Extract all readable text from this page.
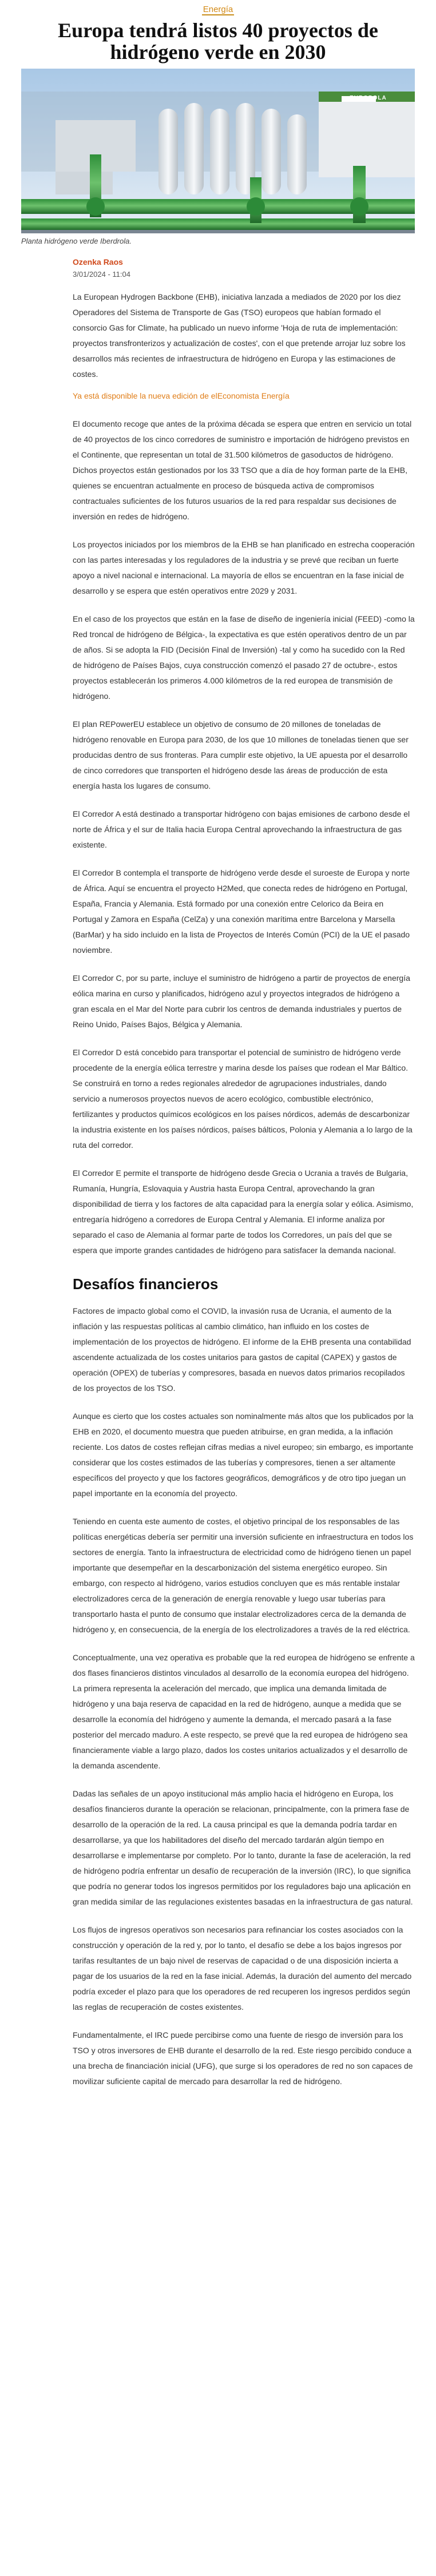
Energía
Europa tendrá listos 40 proyectos de hidrógeno verde en 2030
EUROPOLA
Planta hidrógeno verde Iberdrola.
Ozenka Raos
3/01/2024 - 11:04

La European Hydrogen Backbone (EHB), iniciativa lanzada a mediados de 2020 por los diez Operadores del Sistema de Transporte de Gas (TSO) europeos que habían formado el consorcio Gas for Climate, ha publicado un nuevo informe 'Hoja de ruta de implementación: proyectos transfronterizos y actualización de costes', con el que pretende arrojar luz sobre los desarrollos más recientes de infraestructura de hidrógeno en Europa y las estimaciones de costes.

Ya está disponible la nueva edición de elEconomista Energía

El documento recoge que antes de la próxima década se espera que entren en servicio un total de 40 proyectos de los cinco corredores de suministro e importación de hidrógeno previstos en el Continente, que representan un total de 31.500 kilómetros de gasoductos de hidrógeno. Dichos proyectos están gestionados por los 33 TSO que a día de hoy forman parte de la EHB, quienes se encuentran actualmente en proceso de búsqueda activa de compromisos contractuales suficientes de los futuros usuarios de la red para respaldar sus decisiones de inversión en redes de hidrógeno.

Los proyectos iniciados por los miembros de la EHB se han planificado en estrecha cooperación con las partes interesadas y los reguladores de la industria y se prevé que reciban un fuerte apoyo a nivel nacional e internacional. La mayoría de ellos se encuentran en la fase inicial de desarrollo y se espera que estén operativos entre 2029 y 2031.

En el caso de los proyectos que están en la fase de diseño de ingeniería inicial (FEED) -como la Red troncal de hidrógeno de Bélgica-, la expectativa es que estén operativos dentro de un par de años. Si se adopta la FID (Decisión Final de Inversión) -tal y como ha sucedido con la Red de hidrógeno de Países Bajos, cuya construcción comenzó el pasado 27 de octubre-, estos proyectos establecerán los primeros 4.000 kilómetros de la red europea de transmisión de hidrógeno.

El plan REPowerEU establece un objetivo de consumo de 20 millones de toneladas de hidrógeno renovable en Europa para 2030, de los que 10 millones de toneladas tienen que ser producidas dentro de sus fronteras. Para cumplir este objetivo, la UE apuesta por el desarrollo de cinco corredores que transporten el hidrógeno desde las áreas de producción de esta energía hasta los lugares de consumo.

El Corredor A está destinado a transportar hidrógeno con bajas emisiones de carbono desde el norte de África y el sur de Italia hacia Europa Central aprovechando la infraestructura de gas existente.

El Corredor B contempla el transporte de hidrógeno verde desde el suroeste de Europa y norte de África. Aquí se encuentra el proyecto H2Med, que conecta redes de hidrógeno en Portugal, España, Francia y Alemania. Está formado por una conexión entre Celorico da Beira en Portugal y Zamora en España (CelZa) y una conexión marítima entre Barcelona y Marsella (BarMar) y ha sido incluido en la lista de Proyectos de Interés Común (PCI) de la UE el pasado noviembre.

El Corredor C, por su parte, incluye el suministro de hidrógeno a partir de proyectos de energía eólica marina en curso y planificados, hidrógeno azul y proyectos integrados de hidrógeno a gran escala en el Mar del Norte para cubrir los centros de demanda industriales y puertos de Reino Unido, Países Bajos, Bélgica y Alemania.

El Corredor D está concebido para transportar el potencial de suministro de hidrógeno verde procedente de la energía eólica terrestre y marina desde los países que rodean el Mar Báltico. Se construirá en torno a redes regionales alrededor de agrupaciones industriales, dando servicio a numerosos proyectos nuevos de acero ecológico, combustible electrónico, fertilizantes y productos químicos ecológicos en los países nórdicos, además de descarbonizar la industria existente en los países nórdicos, países bálticos, Polonia y Alemania a lo largo de la ruta del corredor.

El Corredor E permite el transporte de hidrógeno desde Grecia o Ucrania a través de Bulgaria, Rumanía, Hungría, Eslovaquia y Austria hasta Europa Central, aprovechando la gran disponibilidad de tierra y los factores de alta capacidad para la energía solar y eólica. Asimismo, entregaría hidrógeno a corredores de Europa Central y Alemania. El informe analiza por separado el caso de Alemania al formar parte de todos los Corredores, un país del que se espera que importe grandes cantidades de hidrógeno para satisfacer la demanda nacional.

Desafíos financieros

Factores de impacto global como el COVID, la invasión rusa de Ucrania, el aumento de la inflación y las respuestas políticas al cambio climático, han influido en los costes de implementación de los proyectos de hidrógeno. El informe de la EHB presenta una contabilidad ascendente actualizada de los costes unitarios para gastos de capital (CAPEX) y gastos de operación (OPEX) de tuberías y compresores, basada en nuevos datos primarios recopilados de los proyectos de los TSO.

Aunque es cierto que los costes actuales son nominalmente más altos que los publicados por la EHB en 2020, el documento muestra que pueden atribuirse, en gran medida, a la inflación reciente. Los datos de costes reflejan cifras medias a nivel europeo; sin embargo, es importante considerar que los costes estimados de las tuberías y compresores, tienen a ser altamente específicos del proyecto y que los factores geográficos, demográficos y de otro tipo juegan un papel importante en la economía del proyecto.

Teniendo en cuenta este aumento de costes, el objetivo principal de los responsables de las políticas energéticas debería ser permitir una inversión suficiente en infraestructura en todos los sectores de energía. Tanto la infraestructura de electricidad como de hidrógeno tienen un papel importante que desempeñar en la descarbonización del sistema energético europeo. Sin embargo, con respecto al hidrógeno, varios estudios concluyen que es más rentable instalar electrolizadores cerca de la generación de energía renovable y luego usar tuberías para transportarlo hasta el punto de consumo que instalar electrolizadores cerca de la demanda de hidrógeno y, en consecuencia, de la energía de los electrolizadores a través de la red eléctrica.

Conceptualmente, una vez operativa es probable que la red europea de hidrógeno se enfrente a dos flases financieros distintos vinculados al desarrollo de la economía europea del hidrógeno. La primera representa la aceleración del mercado, que implica una demanda limitada de hidrógeno y una baja reserva de capacidad en la red de hidrógeno, aunque a medida que se desarrolle la economía del hidrógeno y aumente la demanda, el mercado pasará a la fase posterior del mercado maduro. A este respecto, se prevé que la red europea de hidrógeno sea financieramente viable a largo plazo, dados los costes unitarios actualizados y el desarrollo de la demanda ascendente.

Dadas las señales de un apoyo institucional más amplio hacia el hidrógeno en Europa, los desafíos financieros durante la operación se relacionan, principalmente, con la primera fase de desarrollo de la operación de la red. La causa principal es que la demanda podría tardar en desarrollarse, ya que los habilitadores del diseño del mercado tardarán algún tiempo en desarrollarse e implementarse por completo. Por lo tanto, durante la fase de aceleración, la red de hidrógeno podría enfrentar un desafío de recuperación de la inversión (IRC), lo que significa que podría no generar todos los ingresos permitidos por los reguladores bajo una aplicación en gran medida similar de las regulaciones existentes basadas en la infraestructura de gas natural.

Los flujos de ingresos operativos son necesarios para refinanciar los costes asociados con la construcción y operación de la red y, por lo tanto, el desafío se debe a los bajos ingresos por tarifas resultantes de un bajo nivel de reservas de capacidad o de una disposición incierta a pagar de los usuarios de la red en la fase inicial. Además, la duración del aumento del mercado podría exceder el plazo para que los operadores de red recuperen los ingresos perdidos según las reglas de recuperación de costes existentes.

Fundamentalmente, el IRC puede percibirse como una fuente de riesgo de inversión para los TSO y otros inversores de EHB durante el desarrollo de la red. Este riesgo percibido conduce a una brecha de financiación inicial (UFG), que surge si los operadores de red no son capaces de movilizar suficiente capital de mercado para desarrollar la red de hidrógeno.
